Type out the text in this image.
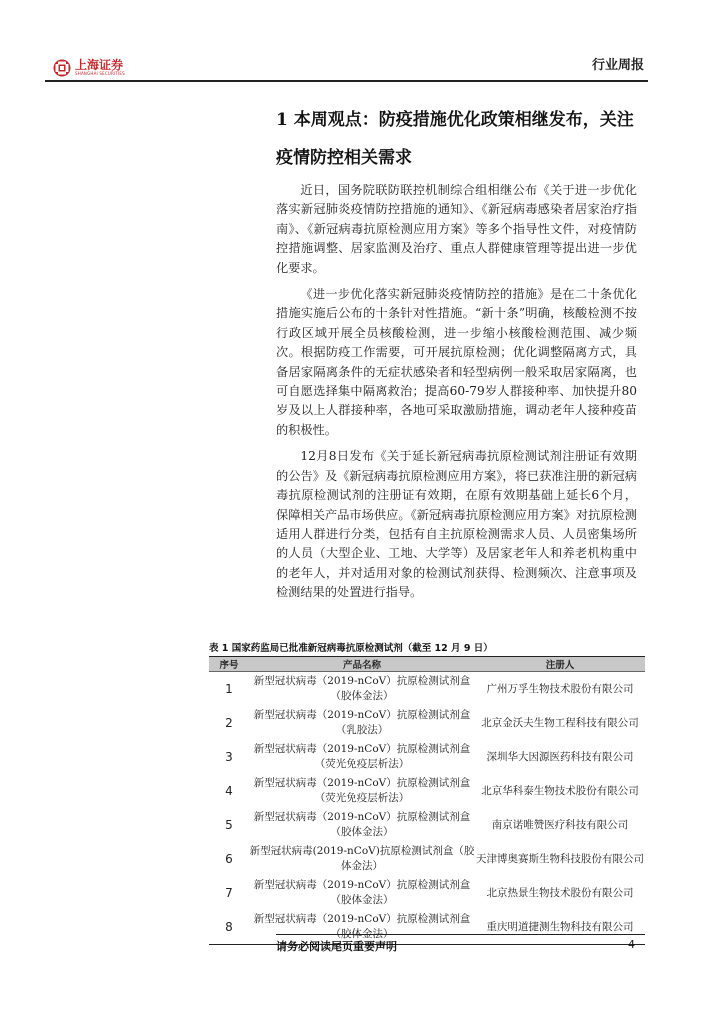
上海证券
SHANGHAI SECURITIES
行业周报
1 本周观点：防疫措施优化政策相继发布，关注疫情防控相关需求

近日，国务院联防联控机制综合组相继公布《关于进一步优化落实新冠肺炎疫情防控措施的通知》、《新冠病毒感染者居家治疗指南》、《新冠病毒抗原检测应用方案》等多个指导性文件，对疫情防控措施调整、居家监测及治疗、重点人群健康管理等提出进一步优化要求。

《进一步优化落实新冠肺炎疫情防控的措施》是在二十条优化措施实施后公布的十条针对性措施。“新十条”明确，核酸检测不按行政区域开展全员核酸检测，进一步缩小核酸检测范围、减少频次。根据防疫工作需要，可开展抗原检测；优化调整隔离方式，具备居家隔离条件的无症状感染者和轻型病例一般采取居家隔离，也可自愿选择集中隔离救治；提高60-79岁人群接种率、加快提升80岁及以上人群接种率，各地可采取激励措施，调动老年人接种疫苗的积极性。

12月8日发布《关于延长新冠病毒抗原检测试剂注册证有效期的公告》及《新冠病毒抗原检测应用方案》，将已获准注册的新冠病毒抗原检测试剂的注册证有效期，在原有效期基础上延长6个月，保障相关产品市场供应。《新冠病毒抗原检测应用方案》对抗原检测适用人群进行分类，包括有自主抗原检测需求人员、人员密集场所的人员（大型企业、工地、大学等）及居家老年人和养老机构重中的老年人，并对适用对象的检测试剂获得、检测频次、注意事项及检测结果的处置进行指导。

表 1 国家药监局已批准新冠病毒抗原检测试剂（截至 12 月 9 日）
序号	产品名称	注册人
1	新型冠状病毒（2019-nCoV）抗原检测试剂盒（胶体金法）	广州万孚生物技术股份有限公司
2	新型冠状病毒（2019-nCoV）抗原检测试剂盒（乳胶法）	北京金沃夫生物工程科技有限公司
3	新型冠状病毒（2019-nCoV）抗原检测试剂盒（荧光免疫层析法）	深圳华大因源医药科技有限公司
4	新型冠状病毒（2019-nCoV）抗原检测试剂盒（荧光免疫层析法）	北京华科泰生物技术股份有限公司
5	新型冠状病毒（2019-nCoV）抗原检测试剂盒（胶体金法）	南京诺唯赞医疗科技有限公司
6	新型冠状病毒(2019-nCoV)抗原检测试剂盒（胶体金法）	天津博奥赛斯生物科技股份有限公司
7	新型冠状病毒（2019-nCoV）抗原检测试剂盒（胶体金法）	北京热景生物技术股份有限公司
8	新型冠状病毒（2019-nCoV）抗原检测试剂盒（胶体金法）	重庆明道捷测生物科技有限公司
请务必阅读尾页重要声明	4
